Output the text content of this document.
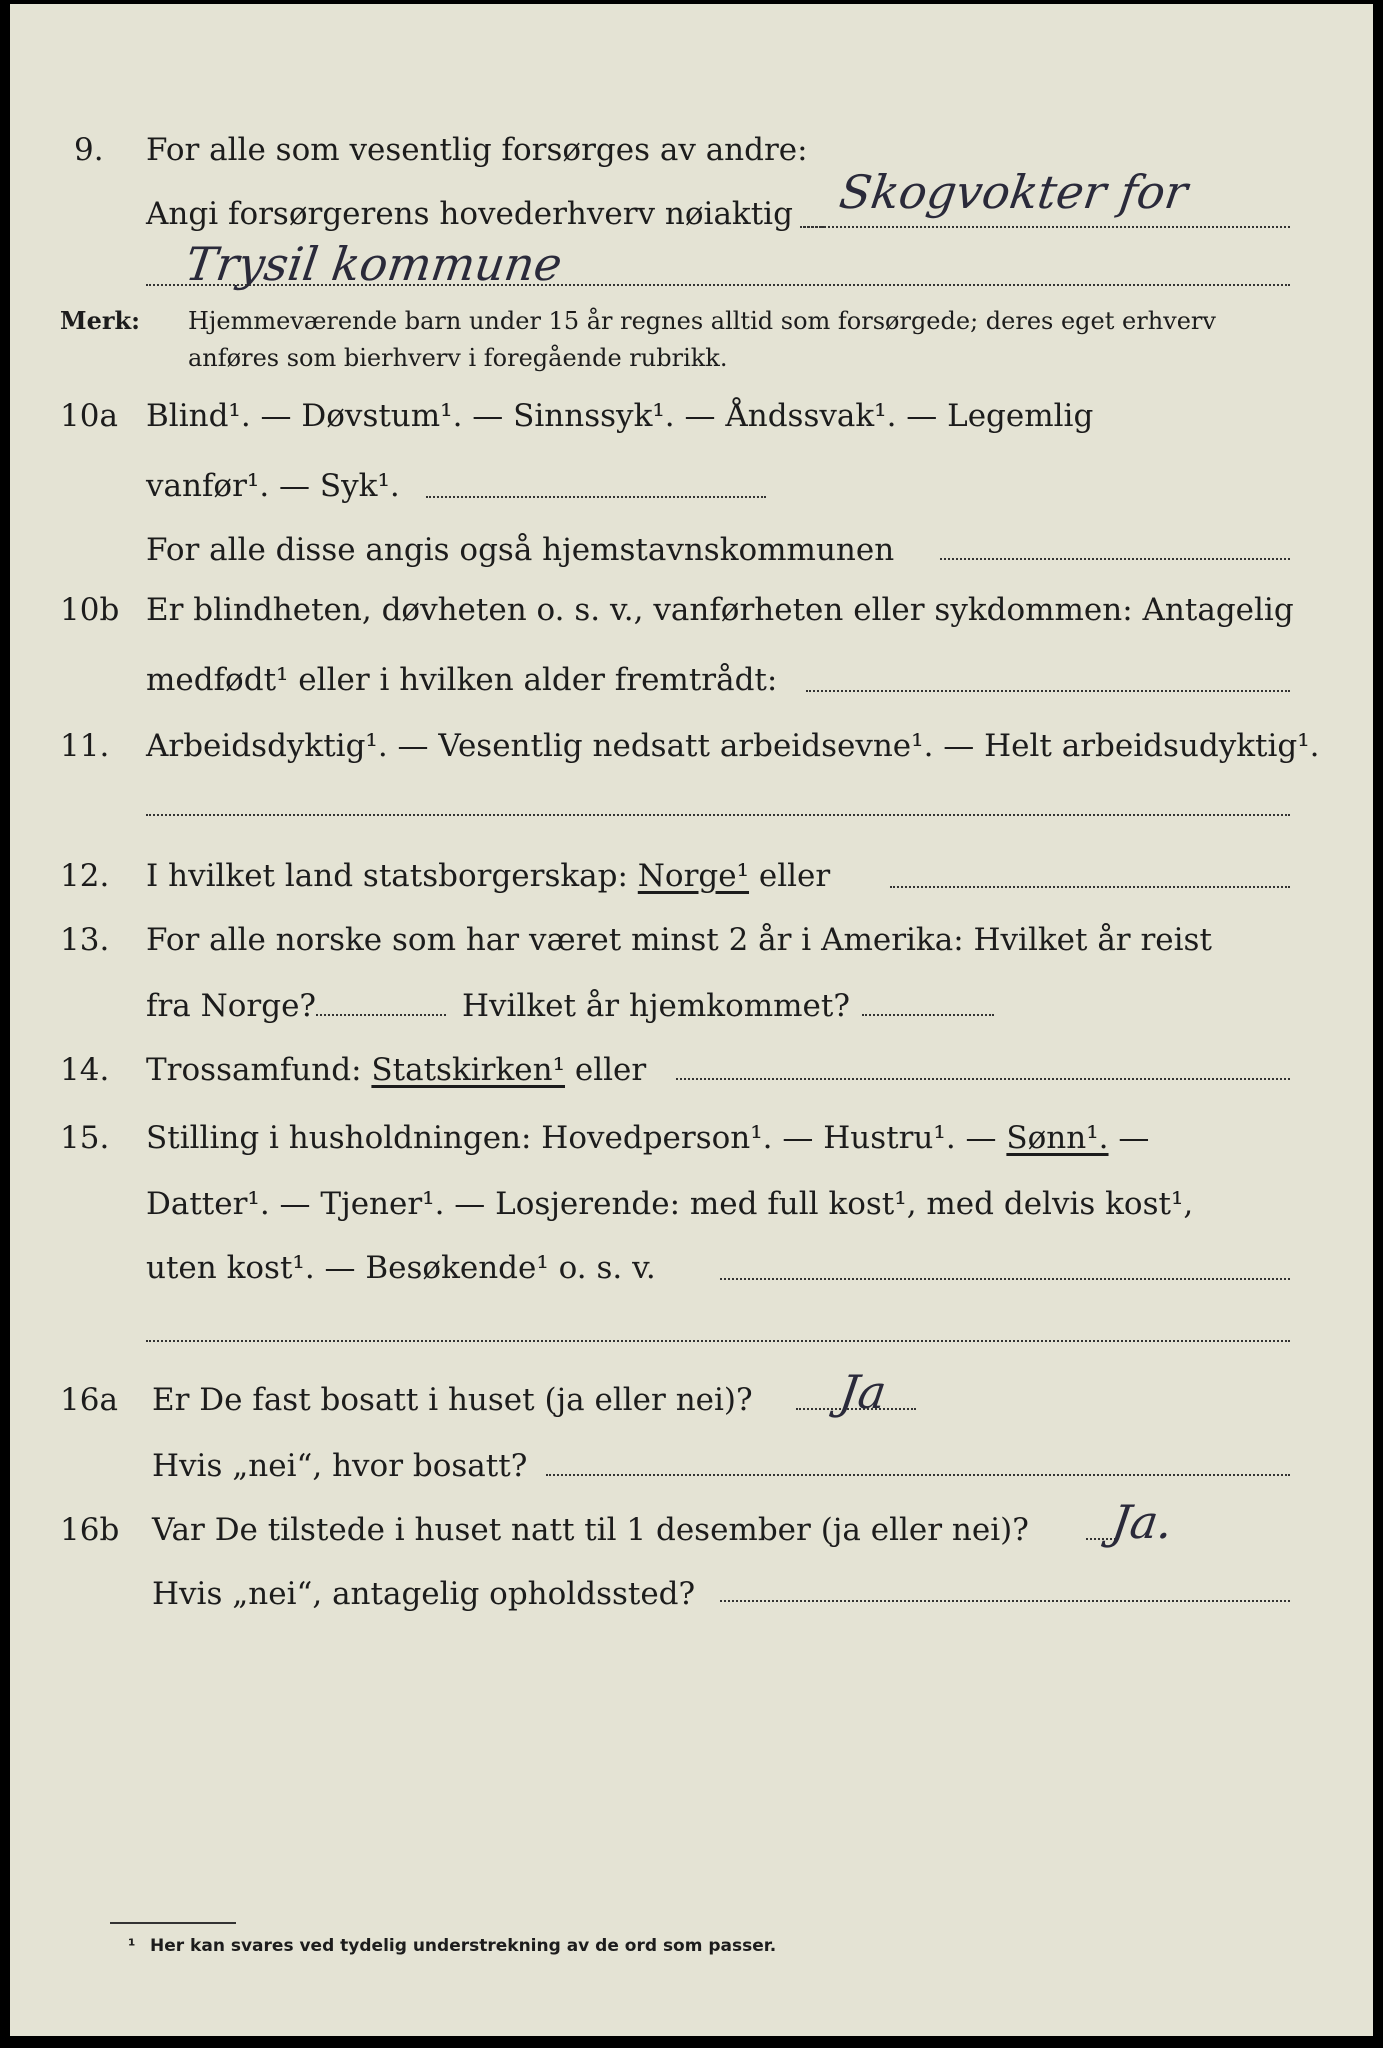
9. For alle som vesentlig forsørges av andre:
Angi forsørgerens hovederhverv nøiaktig Skogvokter for
Trysil kommune
Merk: Hjemmeværende barn under 15 år regnes alltid som forsørgede; deres eget erhverv
anføres som bierhverv i foregående rubrikk.
10a Blind¹. — Døvstum¹. — Sinnssyk¹. — Åndssvak¹. — Legemlig
vanfør¹. — Syk¹.
For alle disse angis også hjemstavnskommunen
10b Er blindheten, døvheten o. s. v., vanførheten eller sykdommen: Antagelig
medfødt¹ eller i hvilken alder fremtrådt:
11. Arbeidsdyktig¹. — Vesentlig nedsatt arbeidsevne¹. — Helt arbeidsudyktig¹.
12. I hvilket land statsborgerskap: Norge¹ eller
13. For alle norske som har været minst 2 år i Amerika: Hvilket år reist
fra Norge?	Hvilket år hjemkommet?
14. Trossamfund: Statskirken¹ eller
15. Stilling i husholdningen: Hovedperson¹. — Hustru¹. — Sønn¹. —
Datter¹. — Tjener¹. — Losjerende: med full kost¹, med delvis kost¹,
uten kost¹. — Besøkende¹ o. s. v.
16a Er De fast bosatt i huset (ja eller nei)? Ja
Hvis „nei“, hvor bosatt?
16b Var De tilstede i huset natt til 1 desember (ja eller nei)? Ja.
Hvis „nei“, antagelig opholdssted?
¹ Her kan svares ved tydelig understrekning av de ord som passer.
